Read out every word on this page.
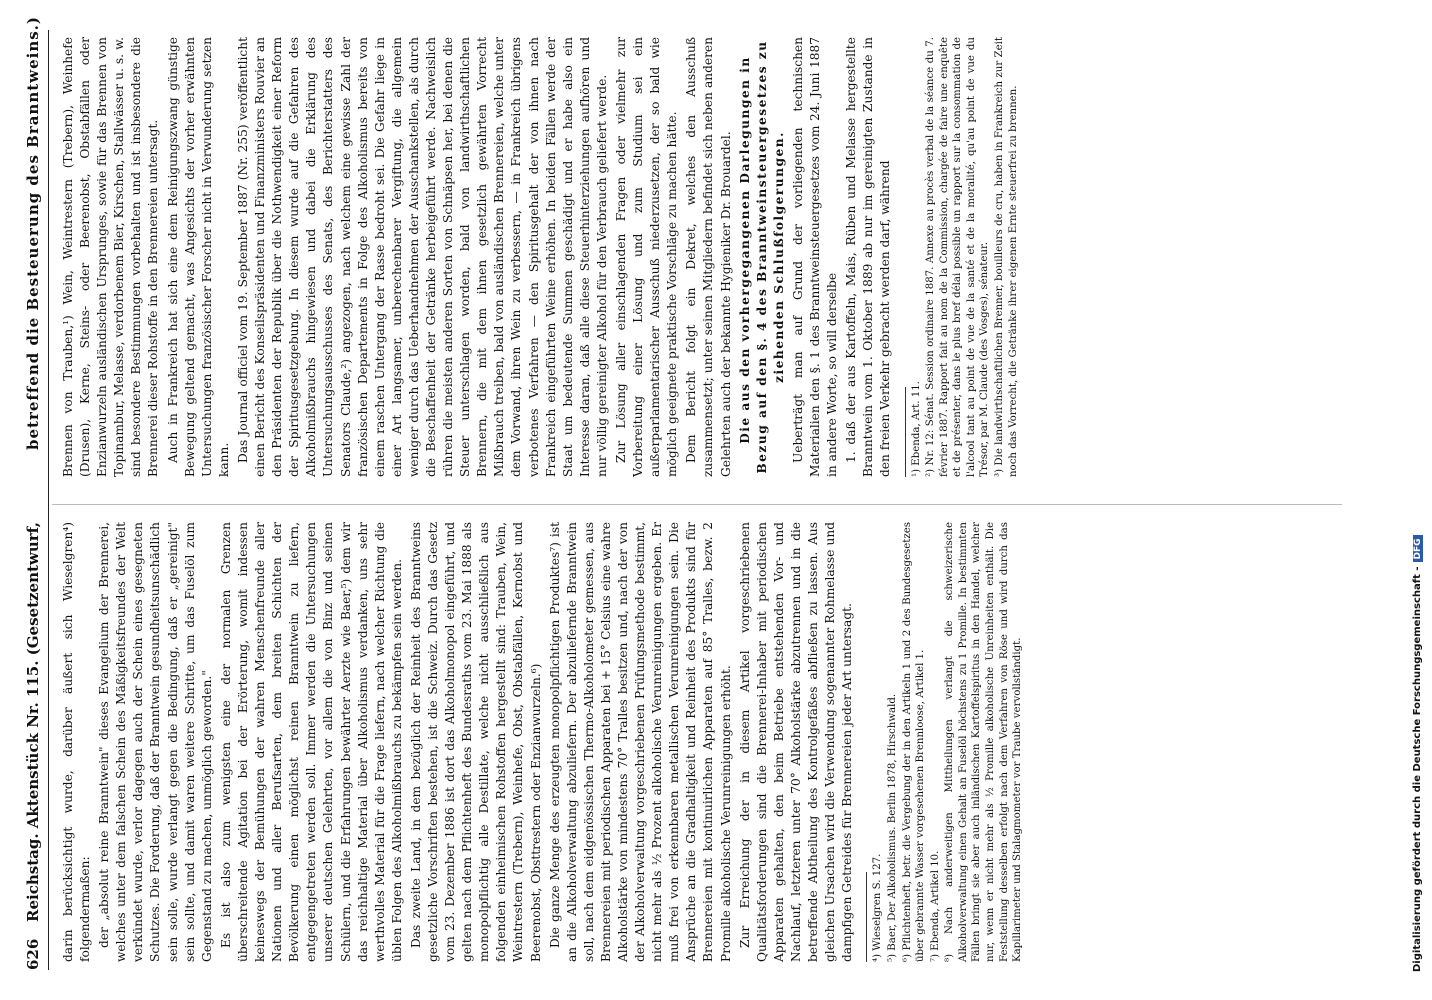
626
Reichstag. Aktenstück Nr. 115. (Gesetzentwurf,
betreffend die Besteuerung des Branntweins.)

darin berücksichtigt wurde, darüber äußert sich Wieselgren⁴) folgendermaßen: der „absolut reine Branntwein" dieses Evangelium der Brennerei, welches unter dem falschen Schein des Mäßigkeitsfreundes der Welt verkündet wurde, verlor dagegen auch der Schein eines gesegneten Schutzes. Die Forderung, daß der Branntwein gesundheitsunschädlich sein solle, wurde verlangt gegen die Bedingung, daß er „gereinigt" sein sollte, und damit waren weitere Schritte, um das Fuselöl zum Gegenstand zu machen, unmöglich geworden." Es ist also zum wenigsten eine der normalen Grenzen überschreitende Agitation bei der Erörterung, womit indessen keineswegs der Bemühungen der wahren Menschenfreunde aller Nationen und aller Berufsarten, dem breiten Schichten der Bevölkerung einen möglichst reinen Branntwein zu liefern, entgegengetreten werden soll. Immer werden die Untersuchungen unserer deutschen Gelehrten, vor allem die von Binz und seinen Schülern, und die Erfahrungen bewährter Aerzte wie Baer,⁵) dem wir das reichhaltige Material über Alkoholismus verdanken, uns sehr werthvolles Material für die Frage liefern, nach welcher Richtung die üblen Folgen des Alkoholmißbrauchs zu bekämpfen sein werden. Das zweite Land, in dem bezüglich der Reinheit des Branntweins gesetzliche Vorschriften bestehen, ist die Schweiz. Durch das Gesetz vom 23. Dezember 1886 ist dort das Alkoholmonopol eingeführt, und gelten nach dem Pflichtenheft des Bundesraths vom 23. Mai 1888 als monopolpflichtig alle Destillate, welche nicht ausschließlich aus folgenden einheimischen Rohstoffen hergestellt sind: Trauben, Wein, Weintrestern (Trebern), Weinhefe, Obst, Obstabfällen, Kernobst und Beerenobst, Obsttrestern oder Enzianwurzeln.⁶) Die ganze Menge des erzeugten monopolpflichtigen Produktes⁷) ist an die Alkoholverwaltung abzuliefern. Der abzuliefernde Branntwein soll, nach dem eidgenössischen Thermo-Alkoholometer gemessen, aus Brennereien mit periodischen Apparaten bei + 15° Celsius eine wahre Alkoholstärke von mindestens 70° Tralles besitzen und, nach der von der Alkoholverwaltung vorgeschriebenen Prüfungsmethode bestimmt, nicht mehr als ½ Prozent alkoholische Verunreinigungen ergeben. Er muß frei von erkennbaren metallischen Verunreinigungen sein. Die Ansprüche an die Gradhaltigkeit und Reinheit des Produkts sind für Brennereien mit kontinuirlichen Apparaten auf 85° Tralles, bezw. 2 Promille alkoholische Verunreinigungen erhöht. Zur Erreichung der in diesem Artikel vorgeschriebenen Qualitätsforderungen sind die Brennerei-Inhaber mit periodischen Apparaten gehalten, den beim Betriebe entstehenden Vor- und Nachlauf, letzteren unter 70° Alkoholstärke abzutrennen und in die betreffende Abtheilung des Kontrolgefäßes abfließen zu lassen. Aus gleichen Ursachen wird die Verwendung sogenannter Rohmelasse und dampfigen Getreides für Brennereien jeder Art untersagt. ⁴) Wieselgren S. 127. ⁵) Baer, Der Alkoholismus. Berlin 1878, Hirschwald. ⁶) Pflichtenheft, betr. die Vergebung der in den Artikeln 1 und 2 des Bundesgesetzes über gebrannte Wasser vorgesehenen Brennloose, Artikel 1. ⁷) Ebenda, Artikel 10. ⁸) Nach anderweitigen Mittheilungen verlangt die schweizerische Alkoholverwaltung einen Gehalt an Fuselöl höchstens zu 1 Promille. In bestimmten Fällen bringt sie aber auch inländischen Kartoffelspiritus in den Handel, welcher nur, wenn er nicht mehr als ½ Promille alkoholische Unreinheiten enthält. Die Feststellung desselben erfolgt nach dem Verfahren von Röse und wird durch das Kapillarimeter und Stalagmometer vor Traube vervollständigt.

Brennen von Trauben,¹) Wein, Weintrestern (Trebern), Weinhefe (Drusen), Kerne, Steins- oder Beerenobst, Obstabfällen oder Enzianwurzeln ausländischen Ursprunges, sowie für das Brennen von Topinambur, Melasse, verdorbenem Bier, Kirschen, Stallwässer u. s. w. sind besondere Bestimmungen vorbehalten und ist insbesondere die Brennerei dieser Rohstoffe in den Brennereien untersagt. Auch in Frankreich hat sich eine dem Reinigungszwang günstige Bewegung geltend gemacht, was Angesichts der vorher erwähnten Untersuchungen französischer Forscher nicht in Verwunderung setzen kann. Das Journal officiel vom 19. September 1887 (Nr. 255) veröffentlicht einen Bericht des Konseilspräsidenten und Finanzministers Rouvier an den Präsidenten der Republik über die Nothwendigkeit einer Reform der Spiritusgesetzgebung. In diesem wurde auf die Gefahren des Alkoholmißbrauchs hingewiesen und dabei die Erklärung des Untersuchungsausschusses des Senats, des Berichterstatters des Senators Claude,²) angezogen, nach welchem eine gewisse Zahl der französischen Departements in Folge des Alkoholismus bereits von einem raschen Untergang der Rasse bedroht sei. Die Gefahr liege in einer Art langsamer, unberechenbarer Vergiftung, die allgemein weniger durch das Ueberhandnehmen der Ausschankstellen, als durch die Beschaffenheit der Getränke herbeigeführt werde. Nachweislich rühren die meisten anderen Sorten von Schnäpsen her, bei denen die Steuer unterschlagen worden, bald von landwirthschaftlichen Brennern, die mit dem ihnen gesetzlich gewährten Vorrecht Mißbrauch treiben, bald von ausländischen Brennereien, welche unter dem Vorwand, ihren Wein zu verbessern, — in Frankreich übrigens verbotenes Verfahren — den Spiritusgehalt der von ihnen nach Frankreich eingeführten Weine erhöhen. In beiden Fällen werde der Staat um bedeutende Summen geschädigt und er habe also ein Interesse daran, daß alle diese Steuerhinterziehungen aufhören und nur völlig gereinigter Alkohol für den Verbrauch geliefert werde. Zur Lösung aller einschlagenden Fragen oder vielmehr zur Vorbereitung einer Lösung und zum Studium sei ein außerparlamentarischer Ausschuß niederzusetzen, der so bald wie möglich geeignete praktische Vorschläge zu machen hätte. Dem Bericht folgt ein Dekret, welches den Ausschuß zusammensetzt; unter seinen Mitgliedern befindet sich neben anderen Gelehrten auch der bekannte Hygieniker Dr. Brouardel. Die aus den vorhergegangenen Darlegungen in Bezug auf den §. 4 des Branntweinsteuergesetzes zu ziehenden Schlußfolgerungen. Ueberträgt man auf Grund der vorliegenden technischen Materialien den §. 1 des Branntweinsteuergesetzes vom 24. Juni 1887 in andere Worte, so will derselbe 1. daß der aus Kartoffeln, Mais, Rüben und Melasse hergestellte Branntwein vom 1. Oktober 1889 ab nur im gereinigten Zustande in den freien Verkehr gebracht werden darf, während ¹) Ebenda, Art. 11. ²) Nr. 12: Sénat. Session ordinaire 1887. Annexe au procès verbal de la séance du 7. février 1887. Rapport fait au nom de la Commission, chargée de faire une enquête et de présenter, dans le plus bref délai possible un rapport sur la consommation de l'alcool tant au point de vue de la santé et de la moralité, qu'au point de vue du Trésor, par M. Claude (des Vosges), sénateur. ³) Die landwirthschaftlichen Brenner, bouilleurs de cru, haben in Frankreich zur Zeit noch das Vorrecht, die Getränke ihrer eigenen Ernte steuerfrei zu brennen.
Digitalisierung gefördert durch die Deutsche Forschungsgemeinschaft -DFG
